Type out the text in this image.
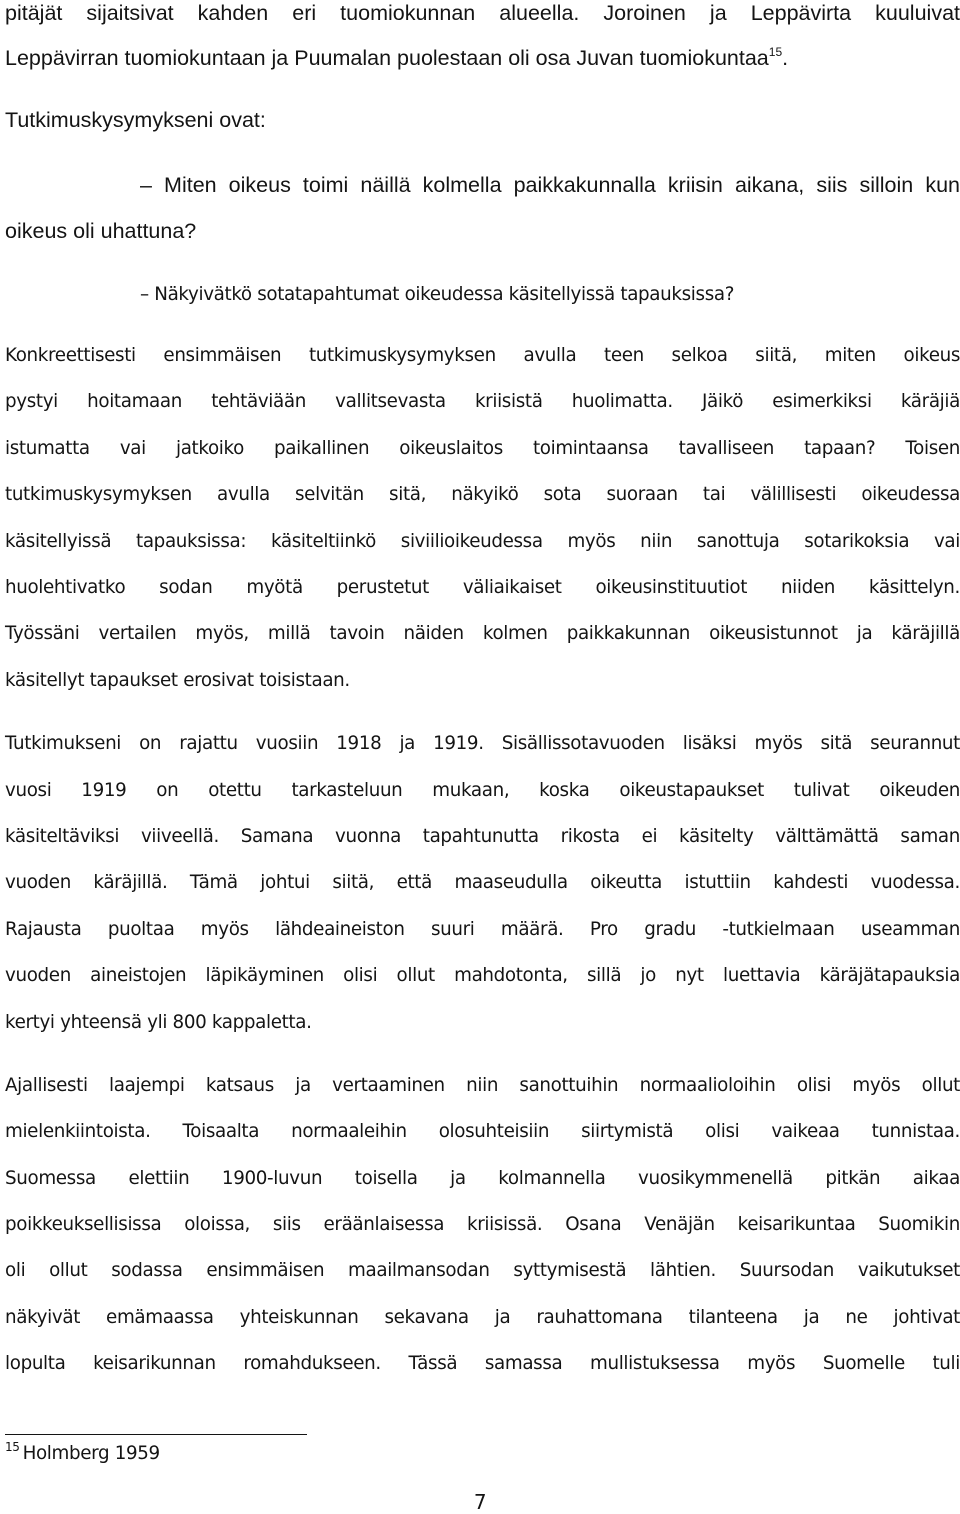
pitäjät sijaitsivat kahden eri tuomiokunnan alueella. Joroinen ja Leppävirta kuuluivat
Leppävirran tuomiokuntaan ja Puumalan puolestaan oli osa Juvan tuomiokuntaa$^{15}$.
Tutkimuskysymykseni ovat:
– Miten oikeus toimi näillä kolmella paikkakunnalla kriisin aikana, siis silloin kun
oikeus oli uhattuna?
– Näkyivätkö sotatapahtumat oikeudessa käsitellyissä tapauksissa?
Konkreettisesti ensimmäisen tutkimuskysymyksen avulla teen selkoa siitä, miten oikeus
pystyi hoitamaan tehtäviään vallitsevasta kriisistä huolimatta. Jäikö esimerkiksi käräjiä
istumatta vai jatkoiko paikallinen oikeuslaitos toimintaansa tavalliseen tapaan? Toisen
tutkimuskysymyksen avulla selvitän sitä, näkyikö sota suoraan tai välillisesti oikeudessa
käsitellyissä tapauksissa: käsiteltiinkö siviilioikeudessa myös niin sanottuja sotarikoksia vai
huolehtivatko sodan myötä perustetut väliaikaiset oikeusinstituutiot niiden käsittelyn.
Työssäni vertailen myös, millä tavoin näiden kolmen paikkakunnan oikeusistunnot ja käräjillä
käsitellyt tapaukset erosivat toisistaan.
Tutkimukseni on rajattu vuosiin 1918 ja 1919. Sisällissotavuoden lisäksi myös sitä seurannut
vuosi 1919 on otettu tarkasteluun mukaan, koska oikeustapaukset tulivat oikeuden
käsiteltäviksi viiveellä. Samana vuonna tapahtunutta rikosta ei käsitelty välttämättä saman
vuoden käräjillä. Tämä johtui siitä, että maaseudulla oikeutta istuttiin kahdesti vuodessa.
Rajausta puoltaa myös lähdeaineiston suuri määrä. Pro gradu -tutkielmaan useamman
vuoden aineistojen läpikäyminen olisi ollut mahdotonta, sillä jo nyt luettavia käräjätapauksia
kertyi yhteensä yli 800 kappaletta.
Ajallisesti laajempi katsaus ja vertaaminen niin sanottuihin normaalioloihin olisi myös ollut
mielenkiintoista. Toisaalta normaaleihin olosuhteisiin siirtymistä olisi vaikeaa tunnistaa.
Suomessa elettiin 1900-luvun toisella ja kolmannella vuosikymmenellä pitkän aikaa
poikkeuksellisissa oloissa, siis eräänlaisessa kriisissä. Osana Venäjän keisarikuntaa Suomikin
oli ollut sodassa ensimmäisen maailmansodan syttymisestä lähtien. Suursodan vaikutukset
näkyivät emämaassa yhteiskunnan sekavana ja rauhattomana tilanteena ja ne johtivat
lopulta keisarikunnan romahdukseen. Tässä samassa mullistuksessa myös Suomelle tuli
$^{15}$ Holmberg 1959
7
